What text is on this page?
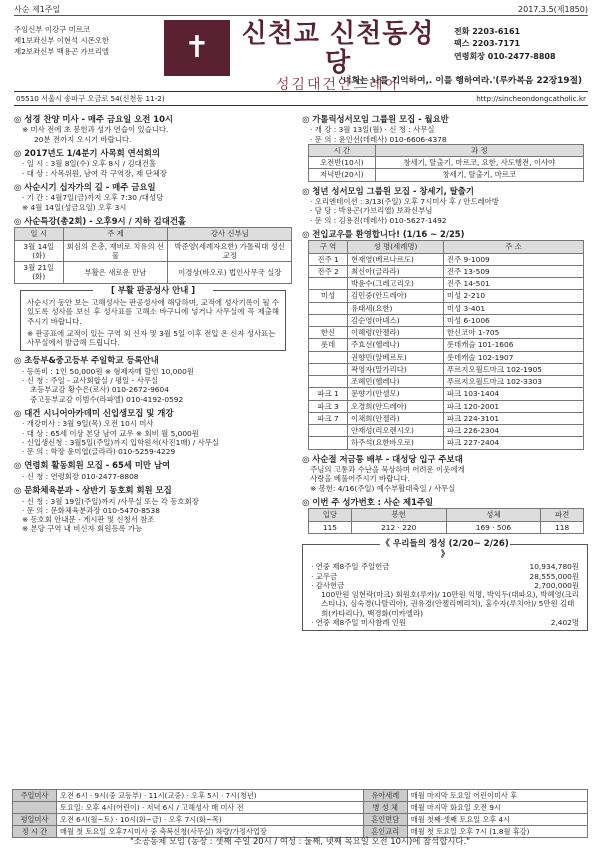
사순 제1주일	2017.3.5(제1850)
주임신부 이강구 미르코
제1보좌신부 이현석 시몬오한
제2보좌신부 백용곤 가브리엘	✝	신천교 신천동성당
성김대건안드레아
전화 2203-6161
팩스 2203-7171
연령회장 010-2477-8808
'너희는 나를 기억하여,. 이를 행하여라.'(루카복음 22장19절)
05510 서울시 송파구 오금로 54(신천동 11-2)	http://sincheondongcatholic.kr
◎ 성경 찬양 미사 - 매주 금요일 오전 10시

※ 미사 전에 초 봉헌과 성가 연습이 있습니다.

20분 전까지 오시기 바랍니다.

◎ 2017년도 1/4분기 사목회 연석회의

· 일 시 : 3월 8일(수) 오후 8시 / 김대건홀

· 대 상 : 사목위원, 남여 각 구역장, 제 단체장

◎ 사순시기 십자가의 길 - 매주 금요일

· 기 간 : 4월7일(금)까지 오후 7:30 /대성당

※ 4월 14일(성금요일) 오후 3시

◎ 사순특강(총2회) - 오후9시 / 지하 김대건홀
일 시	주 제	강사 신부님
3월 14일(화)	회심의 은총, 재비로 치유의 선물	박준양(세례자요한) 가톨릭대 성신교정
3월 21일(화)	부활은 새로운 만남	이경상(바오로) 법인사무국 실장
[ 부활 판공성사 안내 ]

사순시기 동안 보는 고해성사는 판공성사에 해당하며, 교적에 성사기록이 될 수 있도록 성사를 보신 후 성사표를 고해소 바구니에 넣거나 사무실에 꼭 제출해 주시기 바랍니다.

※ 판공표에 교적이 있는 구역 외 신자 및 3월 5일 이후 전입 온 신자 성사표는 사무실에서 발급해 드립니다.

◎ 초등부&중고등부 주일학교 등록안내

· 등록비 : 1인 50,000원 ※ 형제자매 할인 10,000원

· 신 청 : 주일 - 교사회합실 / 평일 - 사무실

초등부교감 황수은(로사) 010-2672-9604

중고등부교감 이범수(라파엘) 010-4192-0592

◎ 대건 시니어아카데미 신입생모집 및 개강

· 개강미사 : 3월 9일(목) 오전 10시 미사

· 대 상 : 65세 이상 본당 남여 교우 ※ 회비 월 5,000원

· 신입생신청 : 3월5일(주일)까지 입학원서(사진1매) / 사무실

· 문 의 : 학장 윤미엽(글라라) 010-5259-4229

◎ 연령회 활동회원 모집 - 65세 미만 남여

· 신 청 : 연령회장 010-2477-8808

◎ 문화체육분과 - 상반기 동호회 회원 모집

· 신 청 : 3월 19일(주일)까지 /사무실 또는 각 동호회장

· 문 의 : 문화체육분과장 010-5470-8538

※ 동호회 안내문 - 게시판 및 신청서 참조

※ 본당 구역 내 비신자 회원등록 가능

◎ 가톨릭성서모임 그룹원 모집 - 월요반

· 개 강 : 3월 13일(월) · 신 청 : 사무실

· 문 의 : 윤인선(데레사) 010-6606-4378

시 간	과 정
오전반(10시)	창세기, 탈출기, 마르코, 요한, 사도행전, 이사야
저녁반(20시)	창세기, 탈출기, 마르코
◎ 청년 성서모임 그룹원 모집 - 창세기, 탈출기

· 오리엔테이션 : 3/13(주일) 오후 7시미사 후 / 안드레아방

· 담 당 : 박용곤(가브리엘) 보좌신부님

· 문 의 : 김용진(데레사) 010-5627-1492

◎ 전입교우를 환영합니다! (1/16 ~ 2/25)
구 역	성 명(세례명)	주 소
진주 1	현재영(베르나르도)	진주 9-1009
진주 2	최신아(글라라)	진주 13-509
	박윤수(그레고리오)	진주 14-501
미성	김민중(안드레아)	미성 2-210
	유태세(요한)	미성 3-401
	김순영(아녜스)	미성 6-1006
한신	이혜령(안젤라)	한신코아 1-705
롯데	주효선(헬레나)	롯데캐슬 101-1606
	권향민(알베르토)	롯데캐슬 102-1907
	곽영자(말가리다)	푸르지오월드마크 102-1905
	조혜민(헬레나)	푸르지오월드마크 102-3303
파크 1	문향기(안셀모)	파크 103-1404
파크 3	오경희(안드레아)	파크 120-2001
파크 7	이채희(안젤라)	파크 224-3101
	안재성(리오렌시오)	파크 226-2304
	하주석(요한바오로)	파크 227-2404
◎ 사순절 저금통 배부 - 대성당 입구 주보대

주님의 고통과 수난을 묵상하며 어려운 이웃에게

사랑을 베풀어주시기 바랍니다.

※ 봉헌: 4/16(주일) 예수부활대축일 / 사무실

◎ 이번 주 성가번호 : 사순 제1주일
입당	봉헌	성체	파견
115	212 · 220	169 · 506	118
《 우리들의 정성 (2/20~ 2/26) 》
· 연중 제8주일 주일헌금	10,934,780원
· 교무금	28,555,000원
· 감사헌금	2,700,000원

100만원 임현락(마크) 회원호(루카)/ 10만원 익명, 박익두(대파요), 박혜영(크리스티나), 심숙경(나탈리아), 권유경(안젤리메리치), 홍수자(루치아)/ 5만원 김태희(카타리나), 백경화(미카엘라)

· 연중 제8주일 미사참례 인원	2,402명
주일미사	오전 6시 · 9시(중 교등부) · 11시(교중) · 오후 5시 · 7시(청년)	유아세례	매월 마지막 토요일 어린이미사 후
	토요일: 오후 4시(어린이) · 저녁 6시 / 고해성사 매 미사 전	병 성 체	매월 마지막 화요일 오전 9시
평일미사	오전 6시(월~토) · 10시(화~금) · 오후 7시(화~목)	혼인면담	매월 첫째·셋째 토요일 오후 4시
정 시 간	매월 첫 토요일 오후7시미사 중 축복신청(사무실) 차량/가정사업장	혼인교리	매월 첫 토요일 오후 7시 (1.8월 휴강)
"소공동체 모임 (농장 : 셋째 주일 20시 / 여성 : 둘째, 넷째 목요일 오전 10시)에 참석합시다."
